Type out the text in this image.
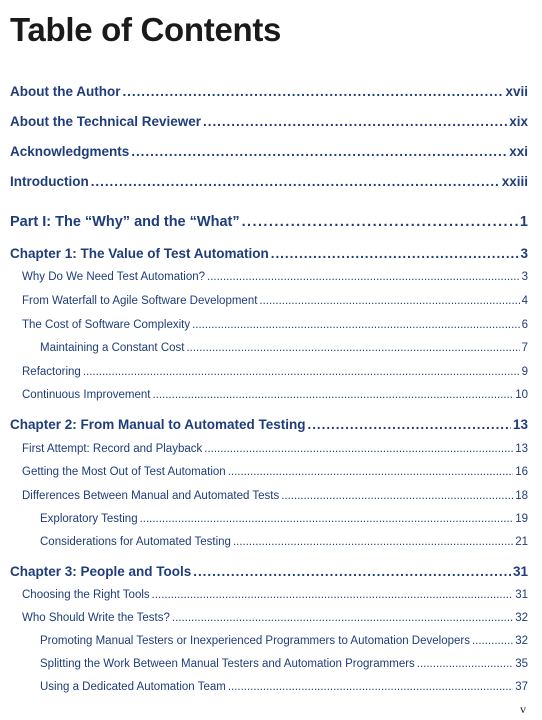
Table of Contents
About the Author . . .	xvii
About the Technical Reviewer . . .	xix
Acknowledgments . . .	xxi
Introduction . . .	xxiii
Part I: The “Why” and the “What” . . .	1
Chapter 1: The Value of Test Automation . . .	3
Why Do We Need Test Automation? . . .	3
From Waterfall to Agile Software Development . . .	4
The Cost of Software Complexity . . .	6
Maintaining a Constant Cost . . .	7
Refactoring . . .	9
Continuous Improvement . . .	10
Chapter 2: From Manual to Automated Testing . . .	13
First Attempt: Record and Playback . . .	13
Getting the Most Out of Test Automation . . .	16
Differences Between Manual and Automated Tests . . .	18
Exploratory Testing . . .	19
Considerations for Automated Testing . . .	21
Chapter 3: People and Tools . . .	31
Choosing the Right Tools . . .	31
Who Should Write the Tests? . . .	32
Promoting Manual Testers or Inexperienced Programmers to Automation Developers . . .	32
Splitting the Work Between Manual Testers and Automation Programmers . . .	35
Using a Dedicated Automation Team . . .	37
v
